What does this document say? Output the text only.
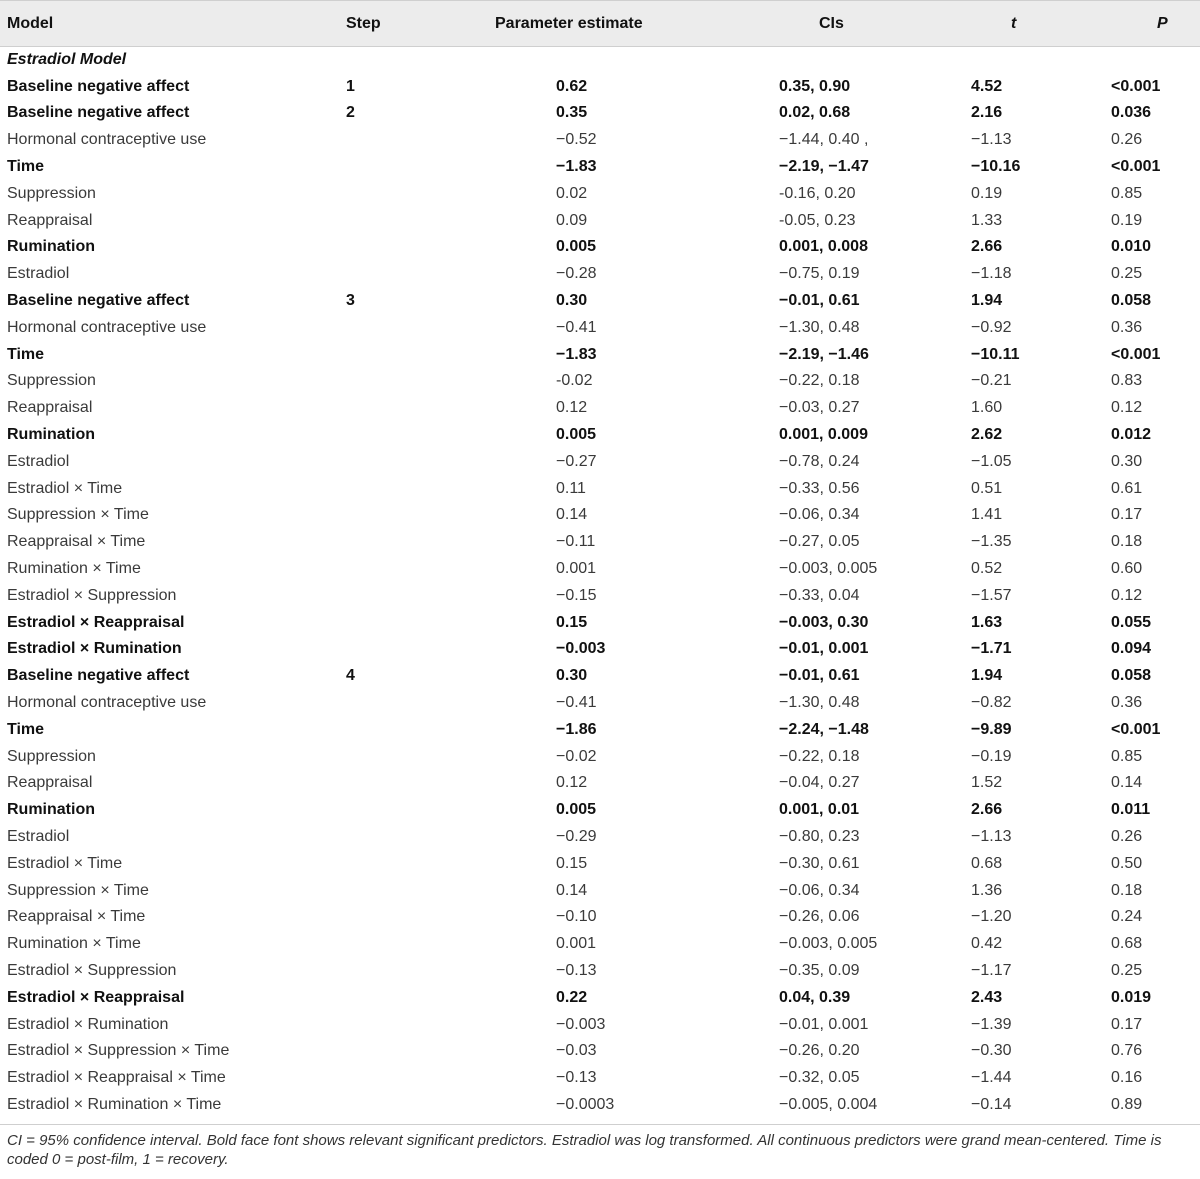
Model	Step	Parameter estimate	CIs	t	P
Estradiol Model					
Baseline negative affect	1	0.62	0.35, 0.90	4.52	<0.001
Baseline negative affect	2	0.35	0.02, 0.68	2.16	0.036
Hormonal contraceptive use		−0.52	−1.44, 0.40 ,	−1.13	0.26
Time		−1.83	−2.19, −1.47	−10.16	<0.001
Suppression		0.02	-0.16, 0.20	0.19	0.85
Reappraisal		0.09	-0.05, 0.23	1.33	0.19
Rumination		0.005	0.001, 0.008	2.66	0.010
Estradiol		−0.28	−0.75, 0.19	−1.18	0.25
Baseline negative affect	3	0.30	−0.01, 0.61	1.94	0.058
Hormonal contraceptive use		−0.41	−1.30, 0.48	−0.92	0.36
Time		−1.83	−2.19, −1.46	−10.11	<0.001
Suppression		-0.02	−0.22, 0.18	−0.21	0.83
Reappraisal		0.12	−0.03, 0.27	1.60	0.12
Rumination		0.005	0.001, 0.009	2.62	0.012
Estradiol		−0.27	−0.78, 0.24	−1.05	0.30
Estradiol × Time		0.11	−0.33, 0.56	0.51	0.61
Suppression × Time		0.14	−0.06, 0.34	1.41	0.17
Reappraisal × Time		−0.11	−0.27, 0.05	−1.35	0.18
Rumination × Time		0.001	−0.003, 0.005	0.52	0.60
Estradiol × Suppression		−0.15	−0.33, 0.04	−1.57	0.12
Estradiol × Reappraisal		0.15	−0.003, 0.30	1.63	0.055
Estradiol × Rumination		−0.003	−0.01, 0.001	−1.71	0.094
Baseline negative affect	4	0.30	−0.01, 0.61	1.94	0.058
Hormonal contraceptive use		−0.41	−1.30, 0.48	−0.82	0.36
Time		−1.86	−2.24, −1.48	−9.89	<0.001
Suppression		−0.02	−0.22, 0.18	−0.19	0.85
Reappraisal		0.12	−0.04, 0.27	1.52	0.14
Rumination		0.005	0.001, 0.01	2.66	0.011
Estradiol		−0.29	−0.80, 0.23	−1.13	0.26
Estradiol × Time		0.15	−0.30, 0.61	0.68	0.50
Suppression × Time		0.14	−0.06, 0.34	1.36	0.18
Reappraisal × Time		−0.10	−0.26, 0.06	−1.20	0.24
Rumination × Time		0.001	−0.003, 0.005	0.42	0.68
Estradiol × Suppression		−0.13	−0.35, 0.09	−1.17	0.25
Estradiol × Reappraisal		0.22	0.04, 0.39	2.43	0.019
Estradiol × Rumination		−0.003	−0.01, 0.001	−1.39	0.17
Estradiol × Suppression × Time		−0.03	−0.26, 0.20	−0.30	0.76
Estradiol × Reappraisal × Time		−0.13	−0.32, 0.05	−1.44	0.16
Estradiol × Rumination × Time		−0.0003	−0.005, 0.004	−0.14	0.89
CI = 95% confidence interval. Bold face font shows relevant significant predictors. Estradiol was log transformed. All continuous predictors were grand mean-centered. Time is coded 0 = post-film, 1 = recovery.
